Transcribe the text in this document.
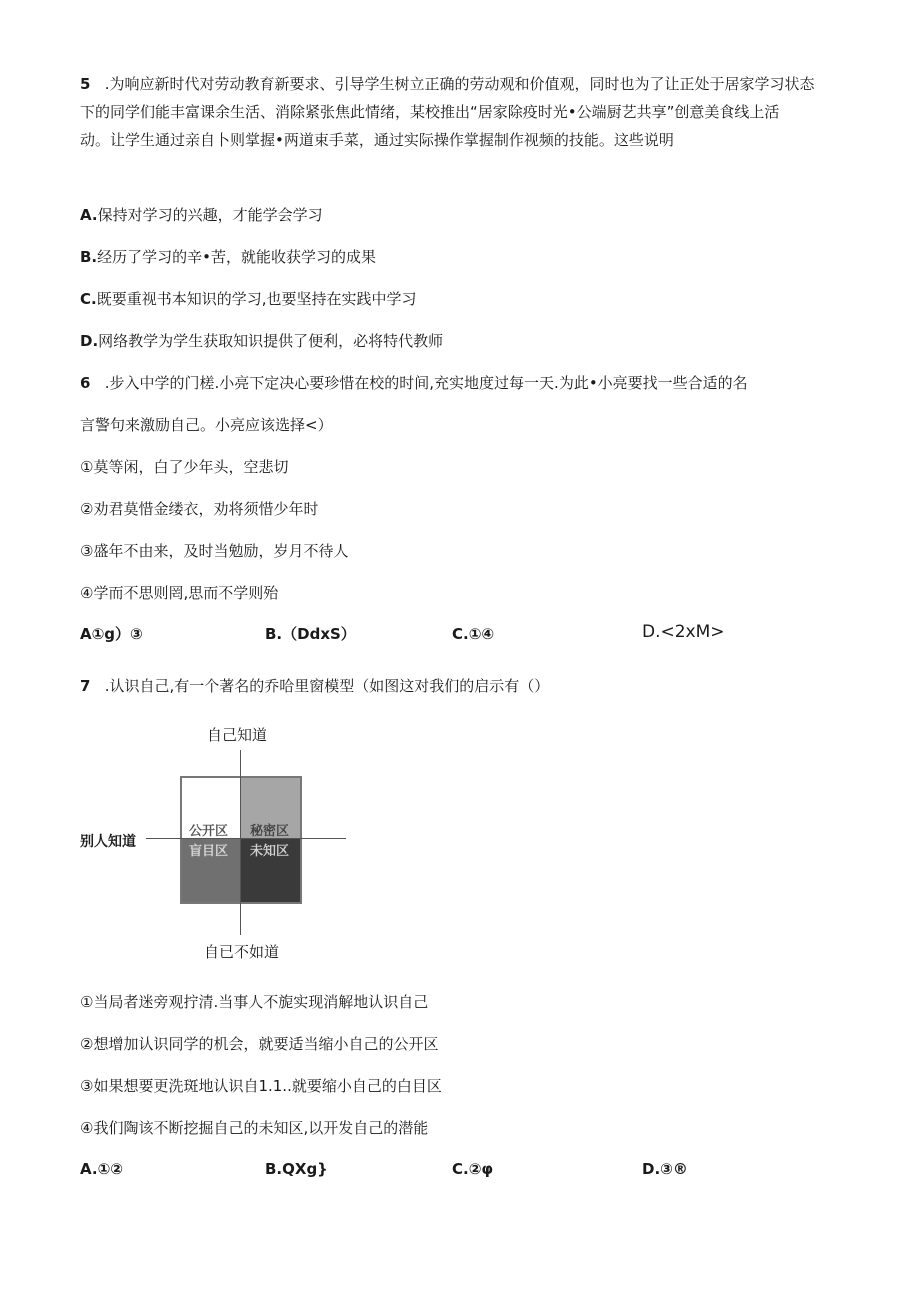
5 .为响应新时代对劳动教育新要求、引导学生树立正确的劳动观和价值观，同时也为了让正处于居家学习状态
下的同学们能丰富课余生活、消除紧张焦此情绪，某校推出“居家除疫时光•公端厨艺共享”创意美食线上活
动。让学生通过亲自卜则掌握•两道束手菜，通过实际操作掌握制作视频的技能。这些说明
A.保持对学习的兴趣，才能学会学习
B.经历了学习的辛•苦，就能收获学习的成果
C.既要重视书本知识的学习,也要坚持在实践中学习
D.网络教学为学生获取知识提供了便利，必将特代教师
6 .步入中学的门槎.小亮下定决心要珍惜在校的时间,充实地度过每一天.为此•小亮要找一些合适的名
言警句来激励自己。小亮应该选择<）
①莫等闲，白了少年头，空悲切
②劝君莫惜金缕衣，劝将须惜少年时
③盛年不由来，及时当勉励，岁月不待人
④学而不思则罔,思而不学则殆
A①g）③	B.（DdxS）	C.①④	D.<2xM>
7 .认识自己,有一个著名的乔哈里窗模型（如图这对我们的启示有（）
自己知道
别人知道
自已不如道
公开区 秘密区
盲目区 未知区
①当局者迷旁观拧清.当事人不旎实现消解地认识自己
②想增加认识同学的机会，就要适当缩小自己的公开区
③如果想要更洗斑地认识自1.1..就要缩小自己的白目区
④我们陶该不断挖掘自己的未知区,以开发自己的潜能
A.①②	B.QXg}	C.②φ	D.③®
